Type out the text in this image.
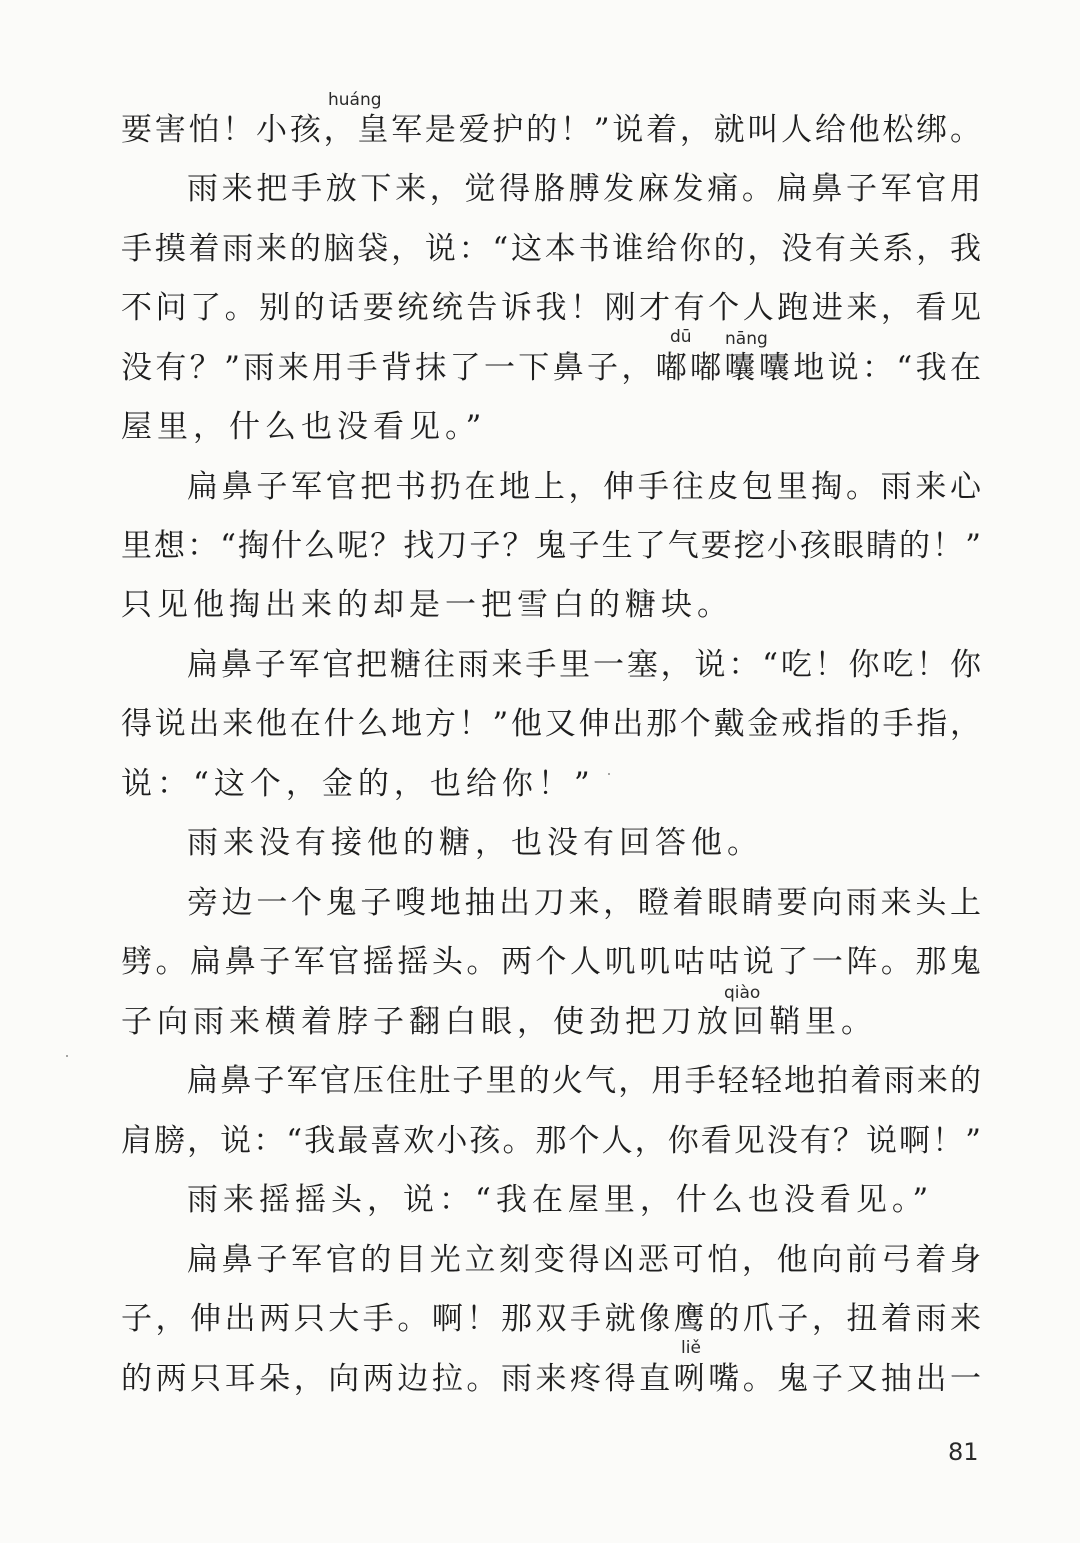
huáng
dū nāng
qiào
liě
要害怕！小孩，皇军是爱护的！”说着，就叫人给他松绑。
雨来把手放下来，觉得胳膊发麻发痛。扁鼻子军官用
手摸着雨来的脑袋，说：“这本书谁给你的，没有关系，我
不问了。别的话要统统告诉我！刚才有个人跑进来，看见
没有？”雨来用手背抹了一下鼻子，嘟嘟囔囔地说：“我在
屋里，什么也没看见。”
扁鼻子军官把书扔在地上，伸手往皮包里掏。雨来心
里想：“掏什么呢？找刀子？鬼子生了气要挖小孩眼睛的！”
只见他掏出来的却是一把雪白的糖块。
扁鼻子军官把糖往雨来手里一塞，说：“吃！你吃！你
得说出来他在什么地方！”他又伸出那个戴金戒指的手指，
说：“这个，金的，也给你！”
雨来没有接他的糖，也没有回答他。
旁边一个鬼子嗖地抽出刀来，瞪着眼睛要向雨来头上
劈。扁鼻子军官摇摇头。两个人叽叽咕咕说了一阵。那鬼
子向雨来横着脖子翻白眼，使劲把刀放回鞘里。
扁鼻子军官压住肚子里的火气，用手轻轻地拍着雨来的
肩膀，说：“我最喜欢小孩。那个人，你看见没有？说啊！”
雨来摇摇头，说：“我在屋里，什么也没看见。”
扁鼻子军官的目光立刻变得凶恶可怕，他向前弓着身
子，伸出两只大手。啊！那双手就像鹰的爪子，扭着雨来
的两只耳朵，向两边拉。雨来疼得直咧嘴。鬼子又抽出一
81
